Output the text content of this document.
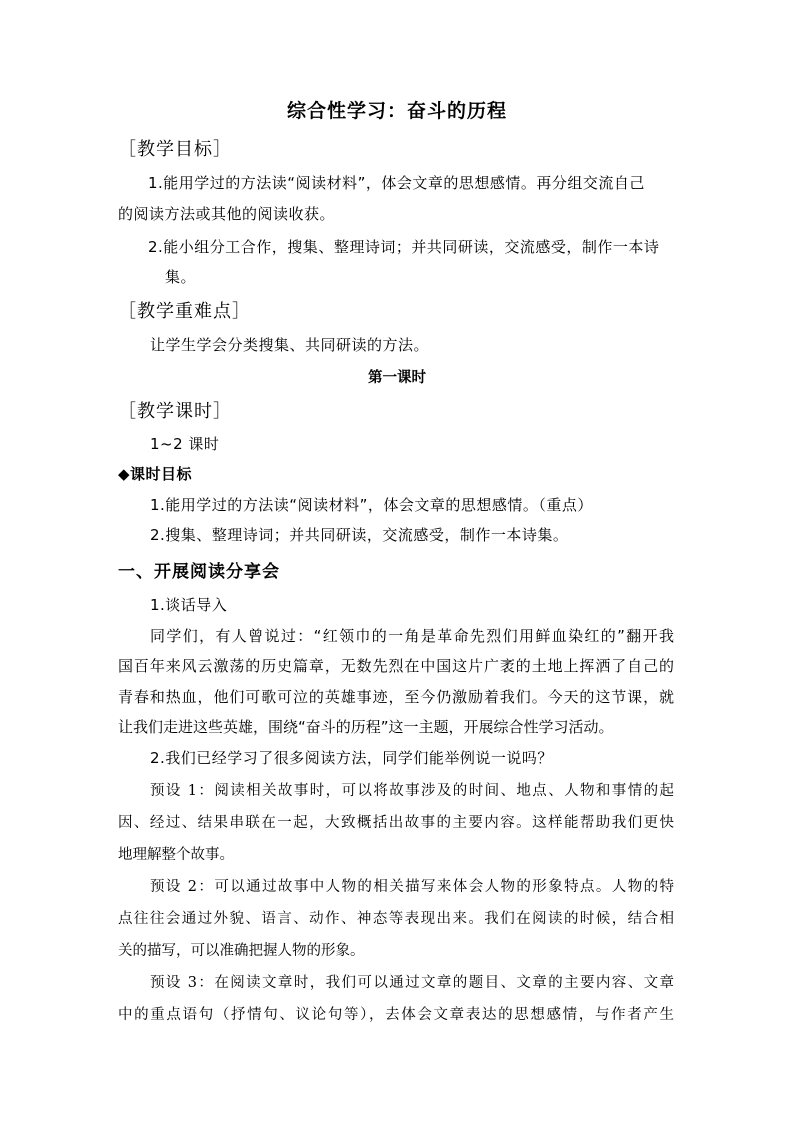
综合性学习：奋斗的历程
［教学目标］
1.能用学过的方法读“阅读材料”，体会文章的思想感情。再分组交流自己
的阅读方法或其他的阅读收获。
2.能小组分工合作，搜集、整理诗词；并共同研读，交流感受，制作一本诗
集。
［教学重难点］
让学生学会分类搜集、共同研读的方法。
第一课时
［教学课时］
1~2 课时
◆课时目标
1.能用学过的方法读“阅读材料”，体会文章的思想感情。（重点）
2.搜集、整理诗词；并共同研读，交流感受，制作一本诗集。
一、开展阅读分享会
1.谈话导入
同学们，有人曾说过：“红领巾的一角是革命先烈们用鲜血染红的”翻开我
国百年来风云激荡的历史篇章，无数先烈在中国这片广袤的土地上挥洒了自己的
青春和热血，他们可歌可泣的英雄事迹，至今仍激励着我们。今天的这节课，就
让我们走进这些英雄，围绕“奋斗的历程”这一主题，开展综合性学习活动。
2.我们已经学习了很多阅读方法，同学们能举例说一说吗？
预设 1：阅读相关故事时，可以将故事涉及的时间、地点、人物和事情的起
因、经过、结果串联在一起，大致概括出故事的主要内容。这样能帮助我们更快
地理解整个故事。
预设 2：可以通过故事中人物的相关描写来体会人物的形象特点。人物的特
点往往会通过外貌、语言、动作、神态等表现出来。我们在阅读的时候，结合相
关的描写，可以准确把握人物的形象。
预设 3：在阅读文章时，我们可以通过文章的题目、文章的主要内容、文章
中的重点语句（抒情句、议论句等），去体会文章表达的思想感情，与作者产生
